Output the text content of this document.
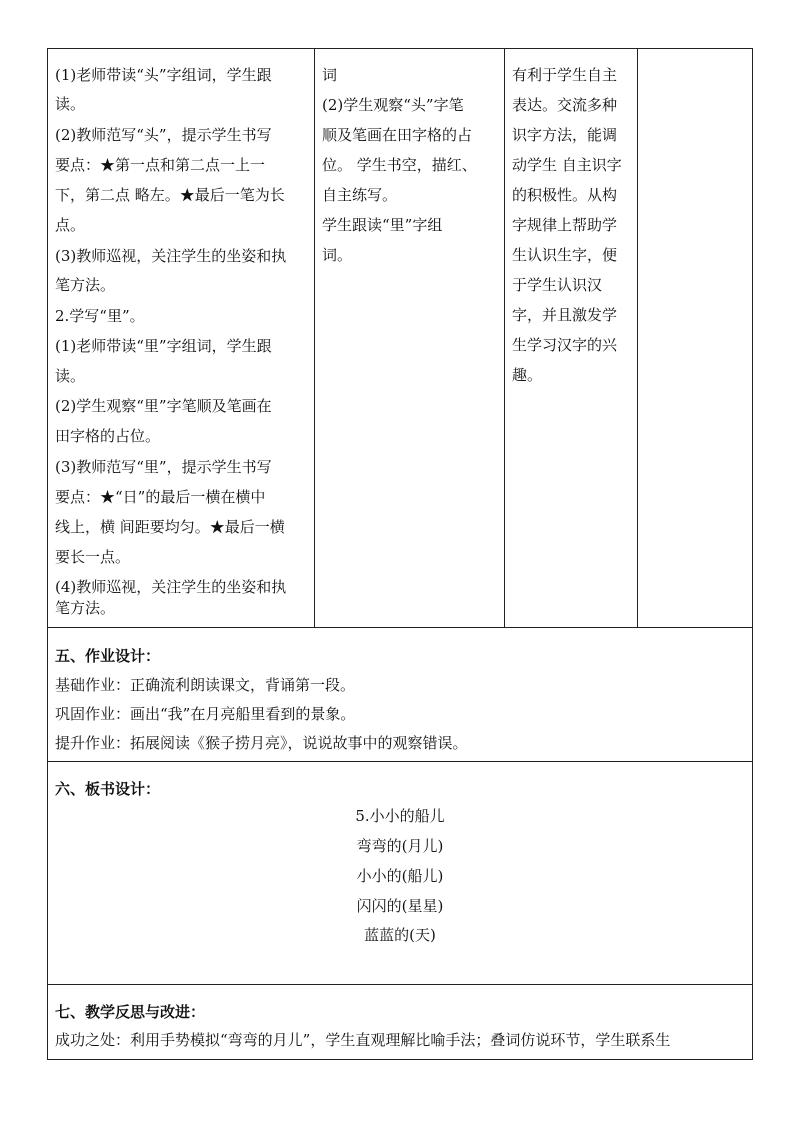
(1)老师带读“头”字组词，学生跟
读。
(2)教师范写“头”，提示学生书写
要点：★第一点和第二点一上一
下，第二点 略左。★最后一笔为长
点。
(3)教师巡视，关注学生的坐姿和执
笔方法。
2.学写“里”。
(1)老师带读“里”字组词，学生跟
读。
(2)学生观察“里”字笔顺及笔画在
田字格的占位。
(3)教师范写“里”，提示学生书写
要点：★“日”的最后一横在横中
线上，横 间距要均匀。★最后一横
要长一点。
(4)教师巡视，关注学生的坐姿和执
笔方法。
词
(2)学生观察“头”字笔
顺及笔画在田字格的占
位。 学生书空，描红、
自主练写。
学生跟读“里”字组
词。
有利于学生自主
表达。交流多种
识字方法，能调
动学生 自主识字
的积极性。从构
字规律上帮助学
生认识生字，便
于学生认识汉
字，并且激发学
生学习汉字的兴
趣。
五、作业设计：
基础作业：正确流利朗读课文，背诵第一段。
巩固作业：画出“我”在月亮船里看到的景象。
提升作业：拓展阅读《猴子捞月亮》，说说故事中的观察错误。
六、板书设计：
5.小小的船儿
弯弯的(月儿)
小小的(船儿)
闪闪的(星星)
蓝蓝的(天)
七、教学反思与改进：
成功之处：利用手势模拟“弯弯的月儿”，学生直观理解比喻手法；叠词仿说环节，学生联系生
